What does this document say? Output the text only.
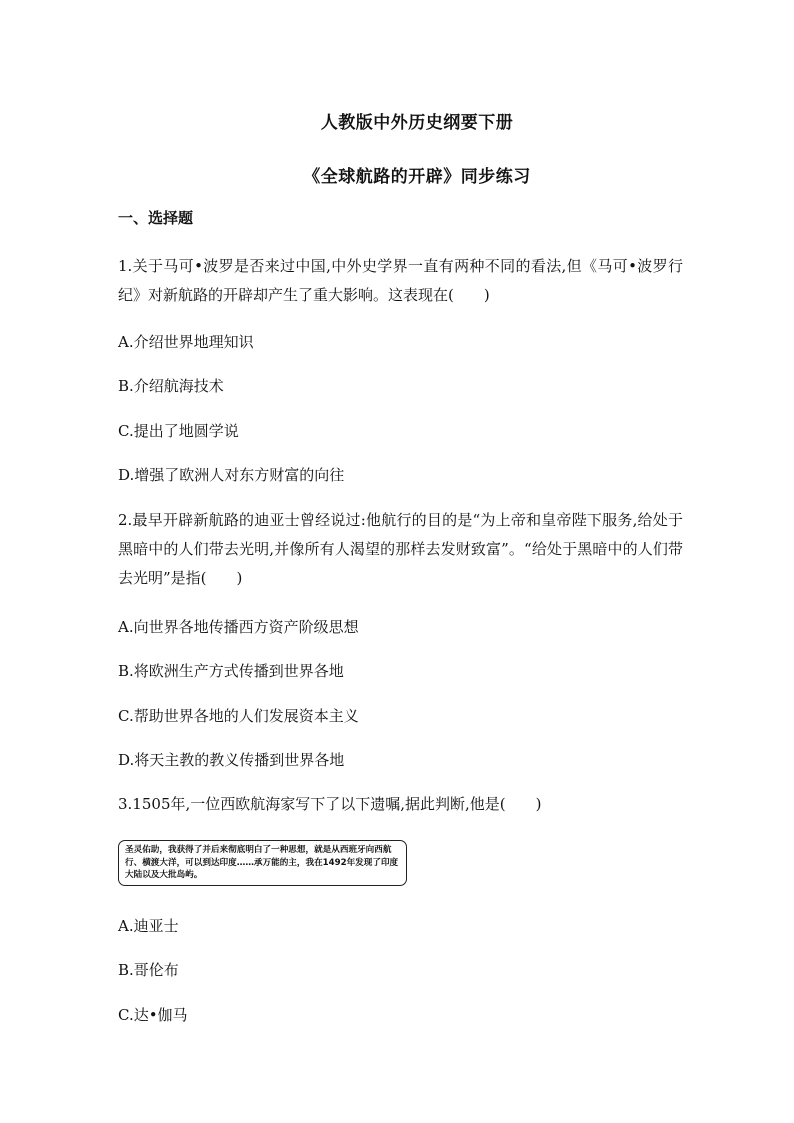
人教版中外历史纲要下册
《全球航路的开辟》同步练习
一、选择题
1.关于马可•波罗是否来过中国,中外史学界一直有两种不同的看法,但《马可•波罗行纪》对新航路的开辟却产生了重大影响。这表现在(　　)
A.介绍世界地理知识
B.介绍航海技术
C.提出了地圆学说
D.增强了欧洲人对东方财富的向往
2.最早开辟新航路的迪亚士曾经说过:他航行的目的是“为上帝和皇帝陛下服务,给处于黑暗中的人们带去光明,并像所有人渴望的那样去发财致富”。“给处于黑暗中的人们带去光明”是指(　　)
A.向世界各地传播西方资产阶级思想
B.将欧洲生产方式传播到世界各地
C.帮助世界各地的人们发展资本主义
D.将天主教的教义传播到世界各地
3.1505年,一位西欧航海家写下了以下遗嘱,据此判断,他是(　　)
圣灵佑助，我获得了并后来彻底明白了一种思想，就是从西班牙向西航行、横渡大洋，可以到达印度……承万能的主，我在1492年发现了印度大陆以及大批岛屿。
A.迪亚士
B.哥伦布
C.达•伽马
